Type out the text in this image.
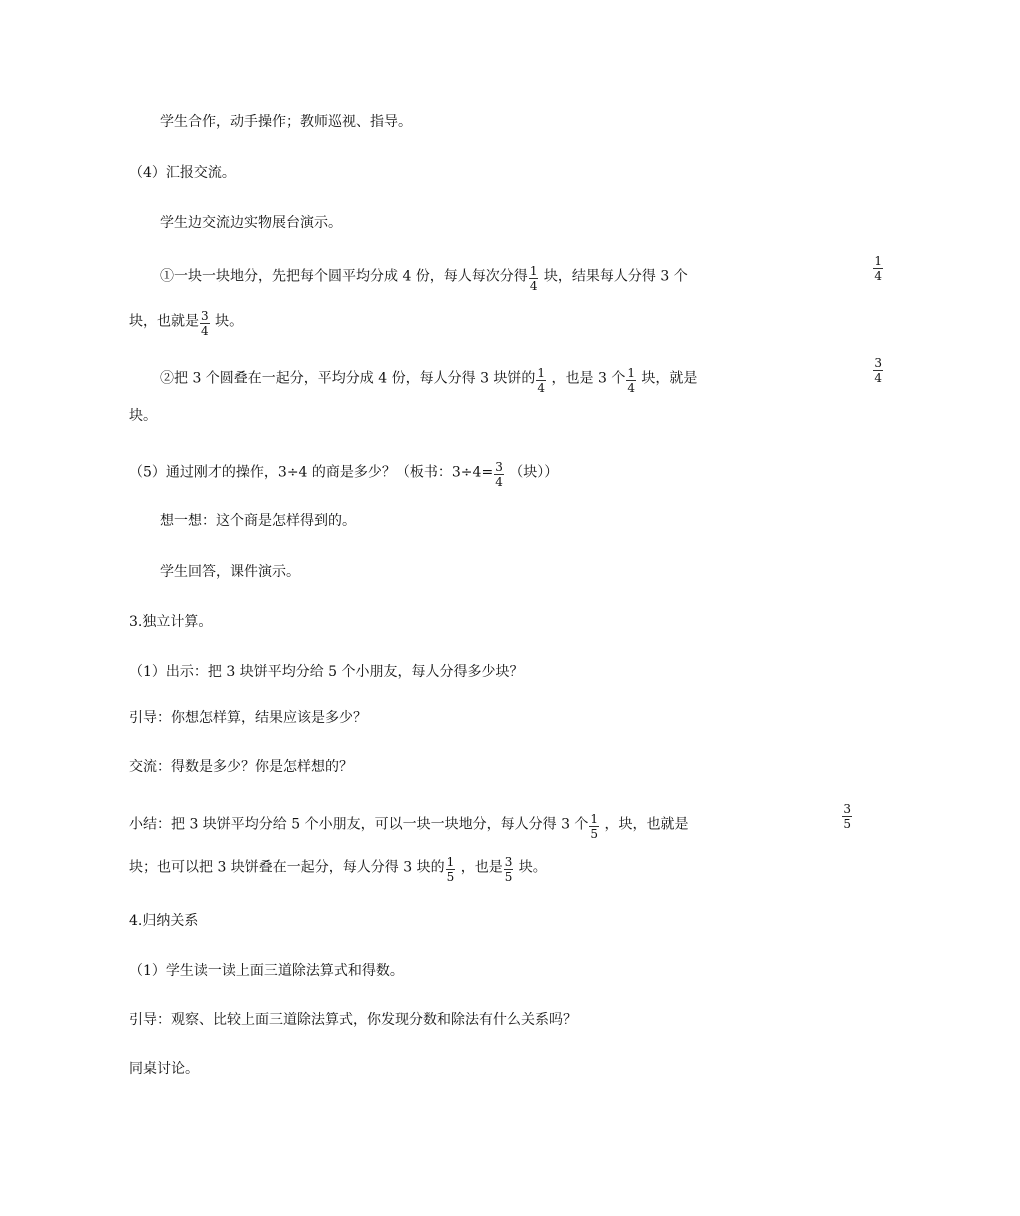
学生合作，动手操作；教师巡视、指导。
（4）汇报交流。
学生边交流边实物展台演示。
①一块一块地分，先把每个圆平均分成 4 份，每人每次分得 $\frac{1}{4}$ 块，结果每人分得 3 个	$\frac{1}{4}$
块，也就是 $\frac{3}{4}$ 块。
②把 3 个圆叠在一起分，平均分成 4 份，每人分得 3 块饼的 $\frac{1}{4}$ ，也是 3 个 $\frac{1}{4}$ 块，就是	$\frac{3}{4}$
块。
（5）通过刚才的操作，3÷4 的商是多少？（板书：$3\div 4= \frac{3}{4}$ （块））
想一想：这个商是怎样得到的。
学生回答，课件演示。
3.独立计算。
（1）出示：把 3 块饼平均分给 5 个小朋友，每人分得多少块？
引导：你想怎样算，结果应该是多少？
交流：得数是多少？你是怎样想的？
小结：把 3 块饼平均分给 5 个小朋友，可以一块一块地分，每人分得 3 个 $\frac{1}{5}$ ，块，也就是	$\frac{3}{5}$
块；也可以把 3 块饼叠在一起分，每人分得 3 块的 $\frac{1}{5}$ ，也是 $\frac{3}{5}$ 块。
4.归纳关系
（1）学生读一读上面三道除法算式和得数。
引导：观察、比较上面三道除法算式，你发现分数和除法有什么关系吗？
同桌讨论。
